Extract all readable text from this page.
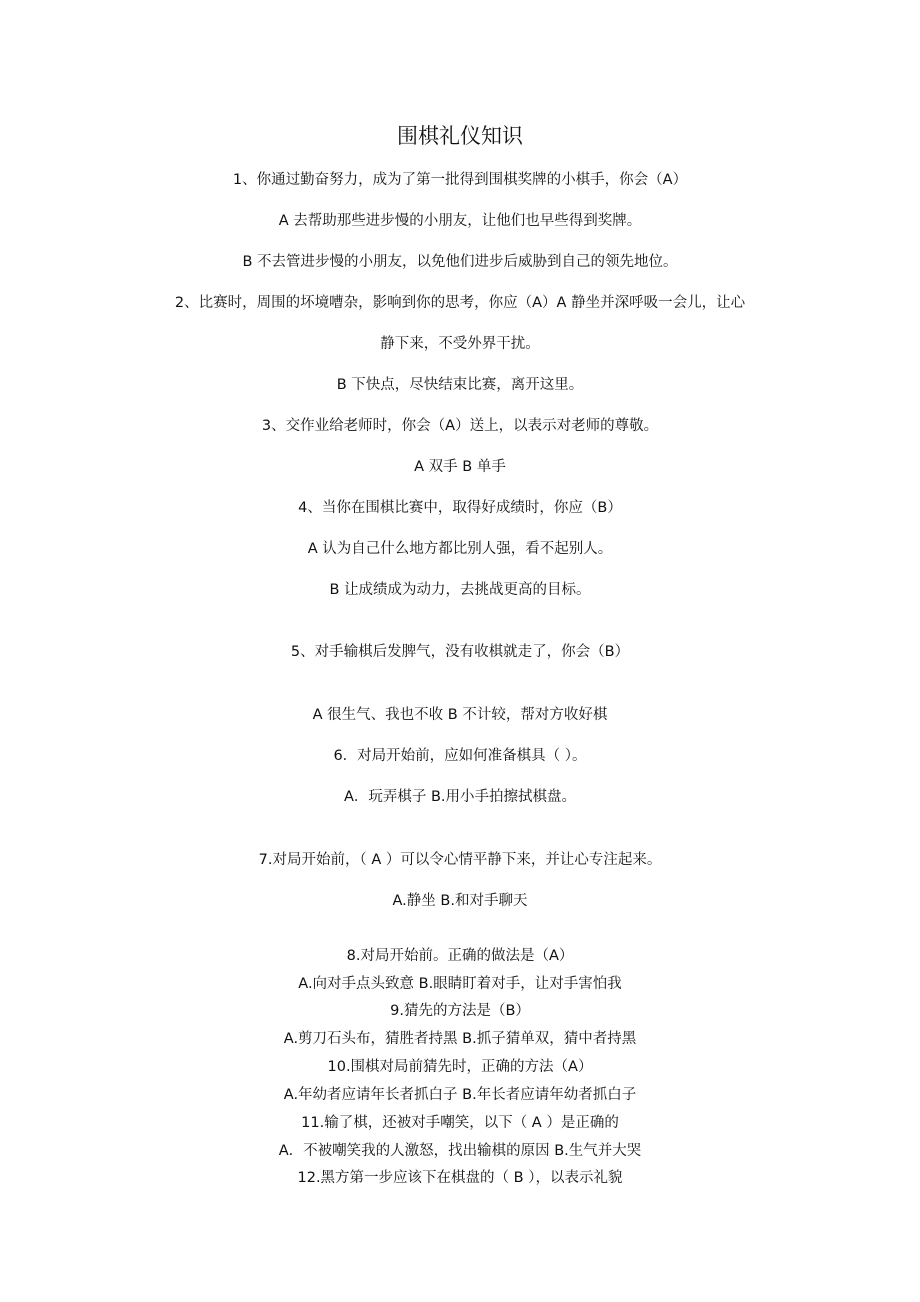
围棋礼仪知识
1、你通过勤奋努力，成为了第一批得到围棋奖牌的小棋手，你会（A）
A 去帮助那些进步慢的小朋友，让他们也早些得到奖牌。
B 不去管进步慢的小朋友，以免他们进步后威胁到自己的领先地位。
2、比赛时，周围的坏境嘈杂，影响到你的思考，你应（A）A 静坐并深呼吸一会儿，让心
静下来，不受外界干扰。
B 下快点，尽快结束比赛，离开这里。
3、交作业给老师时，你会（A）送上，以表示对老师的尊敬。
A 双手 B 单手
4、当你在围棋比赛中，取得好成绩时，你应（B）
A 认为自己什么地方都比别人强，看不起别人。
B 让成绩成为动力，去挑战更高的目标。
5、对手输棋后发脾气，没有收棋就走了，你会（B）
A 很生气、我也不收 B 不计较，帮对方收好棋
6．对局开始前，应如何准备棋具（ ）。
A．玩弄棋子 B.用小手拍擦拭棋盘。
7.对局开始前，（ A ）可以令心情平静下来，并让心专注起来。
A.静坐 B.和对手聊天
8.对局开始前。正确的做法是（A）
A.向对手点头致意 B.眼睛盯着对手，让对手害怕我
9.猜先的方法是（B）
A.剪刀石头布，猜胜者持黑 B.抓子猜单双，猜中者持黑
10.围棋对局前猜先时，正确的方法（A）
A.年幼者应请年长者抓白子 B.年长者应请年幼者抓白子
11.输了棋，还被对手嘲笑，以下（ A ）是正确的
A．不被嘲笑我的人激怒，找出输棋的原因 B.生气并大哭
12.黑方第一步应该下在棋盘的（ B ），以表示礼貌
